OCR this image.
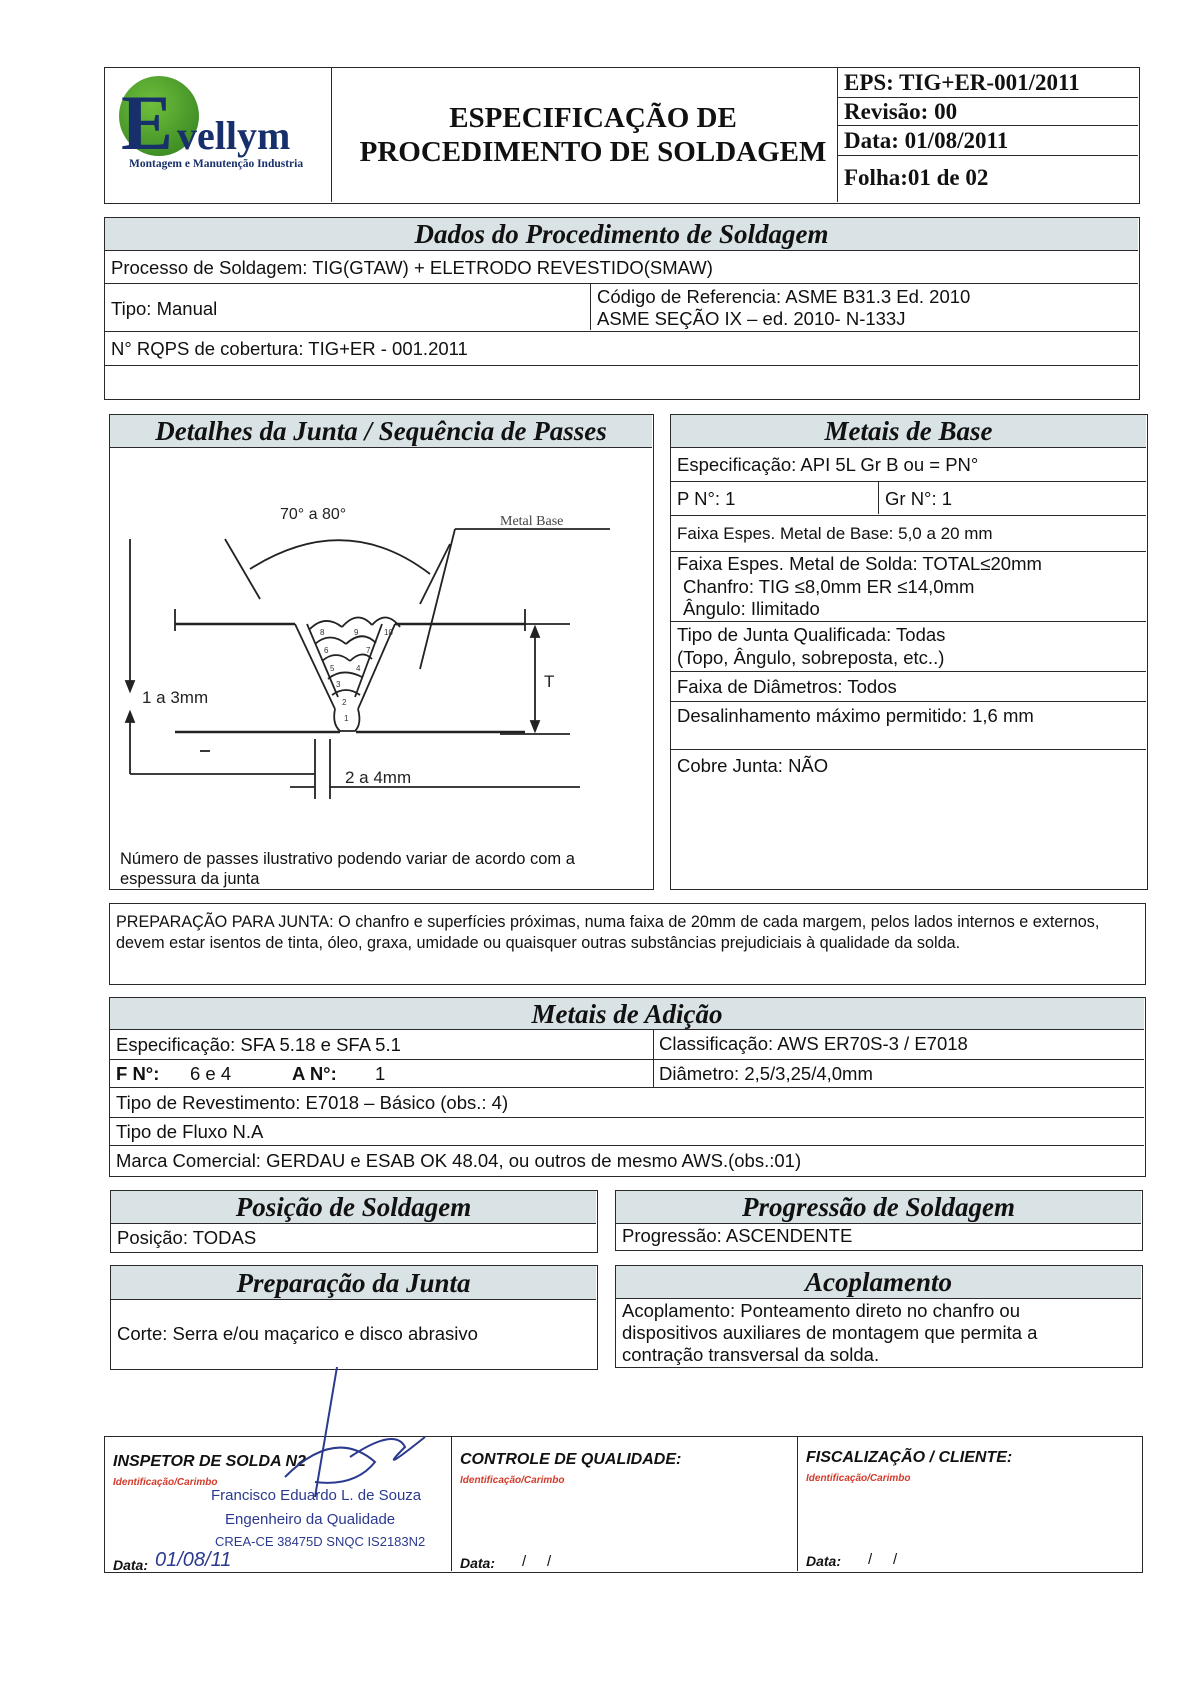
E vellym
Montagem e Manutenção Industria
ESPECIFICAÇÃO DE
PROCEDIMENTO DE SOLDAGEM
EPS: TIG+ER-001/2011
Revisão: 00
Data: 01/08/2011
Folha:01 de 02
Dados do Procedimento de Soldagem
Processo de Soldagem: TIG(GTAW) + ELETRODO REVESTIDO(SMAW)
Tipo: Manual
Código de Referencia: ASME B31.3 Ed. 2010
ASME SEÇÃO IX – ed. 2010- N-133J
N° RQPS de cobertura: TIG+ER - 001.2011
Detalhes da Junta / Sequência de Passes
70° a 80°	Metal Base
1 a 3mm
2 a 4mm
T
1
2
3
4
5
6	7
8	9	10
Número de passes ilustrativo podendo variar de acordo com a espessura da junta
Metais de Base
Especificação: API 5L Gr B ou = PN°
P N°: 1	Gr N°: 1
Faixa Espes. Metal de Base: 5,0 a 20 mm
Faixa Espes. Metal de Solda: TOTAL≤20mm
Chanfro: TIG ≤8,0mm ER ≤14,0mm
Ângulo: Ilimitado
Tipo de Junta Qualificada: Todas
(Topo, Ângulo, sobreposta, etc..)
Faixa de Diâmetros: Todos
Desalinhamento máximo permitido: 1,6 mm
Cobre Junta: NÃO
PREPARAÇÃO PARA JUNTA: O chanfro e superfícies próximas, numa faixa de 20mm de cada margem, pelos lados internos e externos, devem estar isentos de tinta, óleo, graxa, umidade ou quaisquer outras substâncias prejudiciais à qualidade da solda.
Metais de Adição
Especificação: SFA 5.18 e SFA 5.1	Classificação: AWS ER70S-3 / E7018
F N°: 6 e 4	A N°: 1	Diâmetro: 2,5/3,25/4,0mm
Tipo de Revestimento: E7018 – Básico (obs.: 4)
Tipo de Fluxo N.A
Marca Comercial: GERDAU e ESAB OK 48.04, ou outros de mesmo AWS.(obs.:01)
Posição de Soldagem
Posição: TODAS
Progressão de Soldagem
Progressão: ASCENDENTE
Preparação da Junta
Corte: Serra e/ou maçarico e disco abrasivo
Acoplamento
Acoplamento: Ponteamento direto no chanfro ou
dispositivos auxiliares de montagem que permita a
contração transversal da solda.
INSPETOR DE SOLDA N2
Identificação/Carimbo
Francisco Eduardo L. de Souza
Engenheiro da Qualidade
CREA-CE 38475D SNQC IS2183N2
Data: 01/08/11
CONTROLE DE QUALIDADE:
Identificação/Carimbo
Data: /     /
FISCALIZAÇÃO / CLIENTE:
Identificação/Carimbo
Data: /     /
